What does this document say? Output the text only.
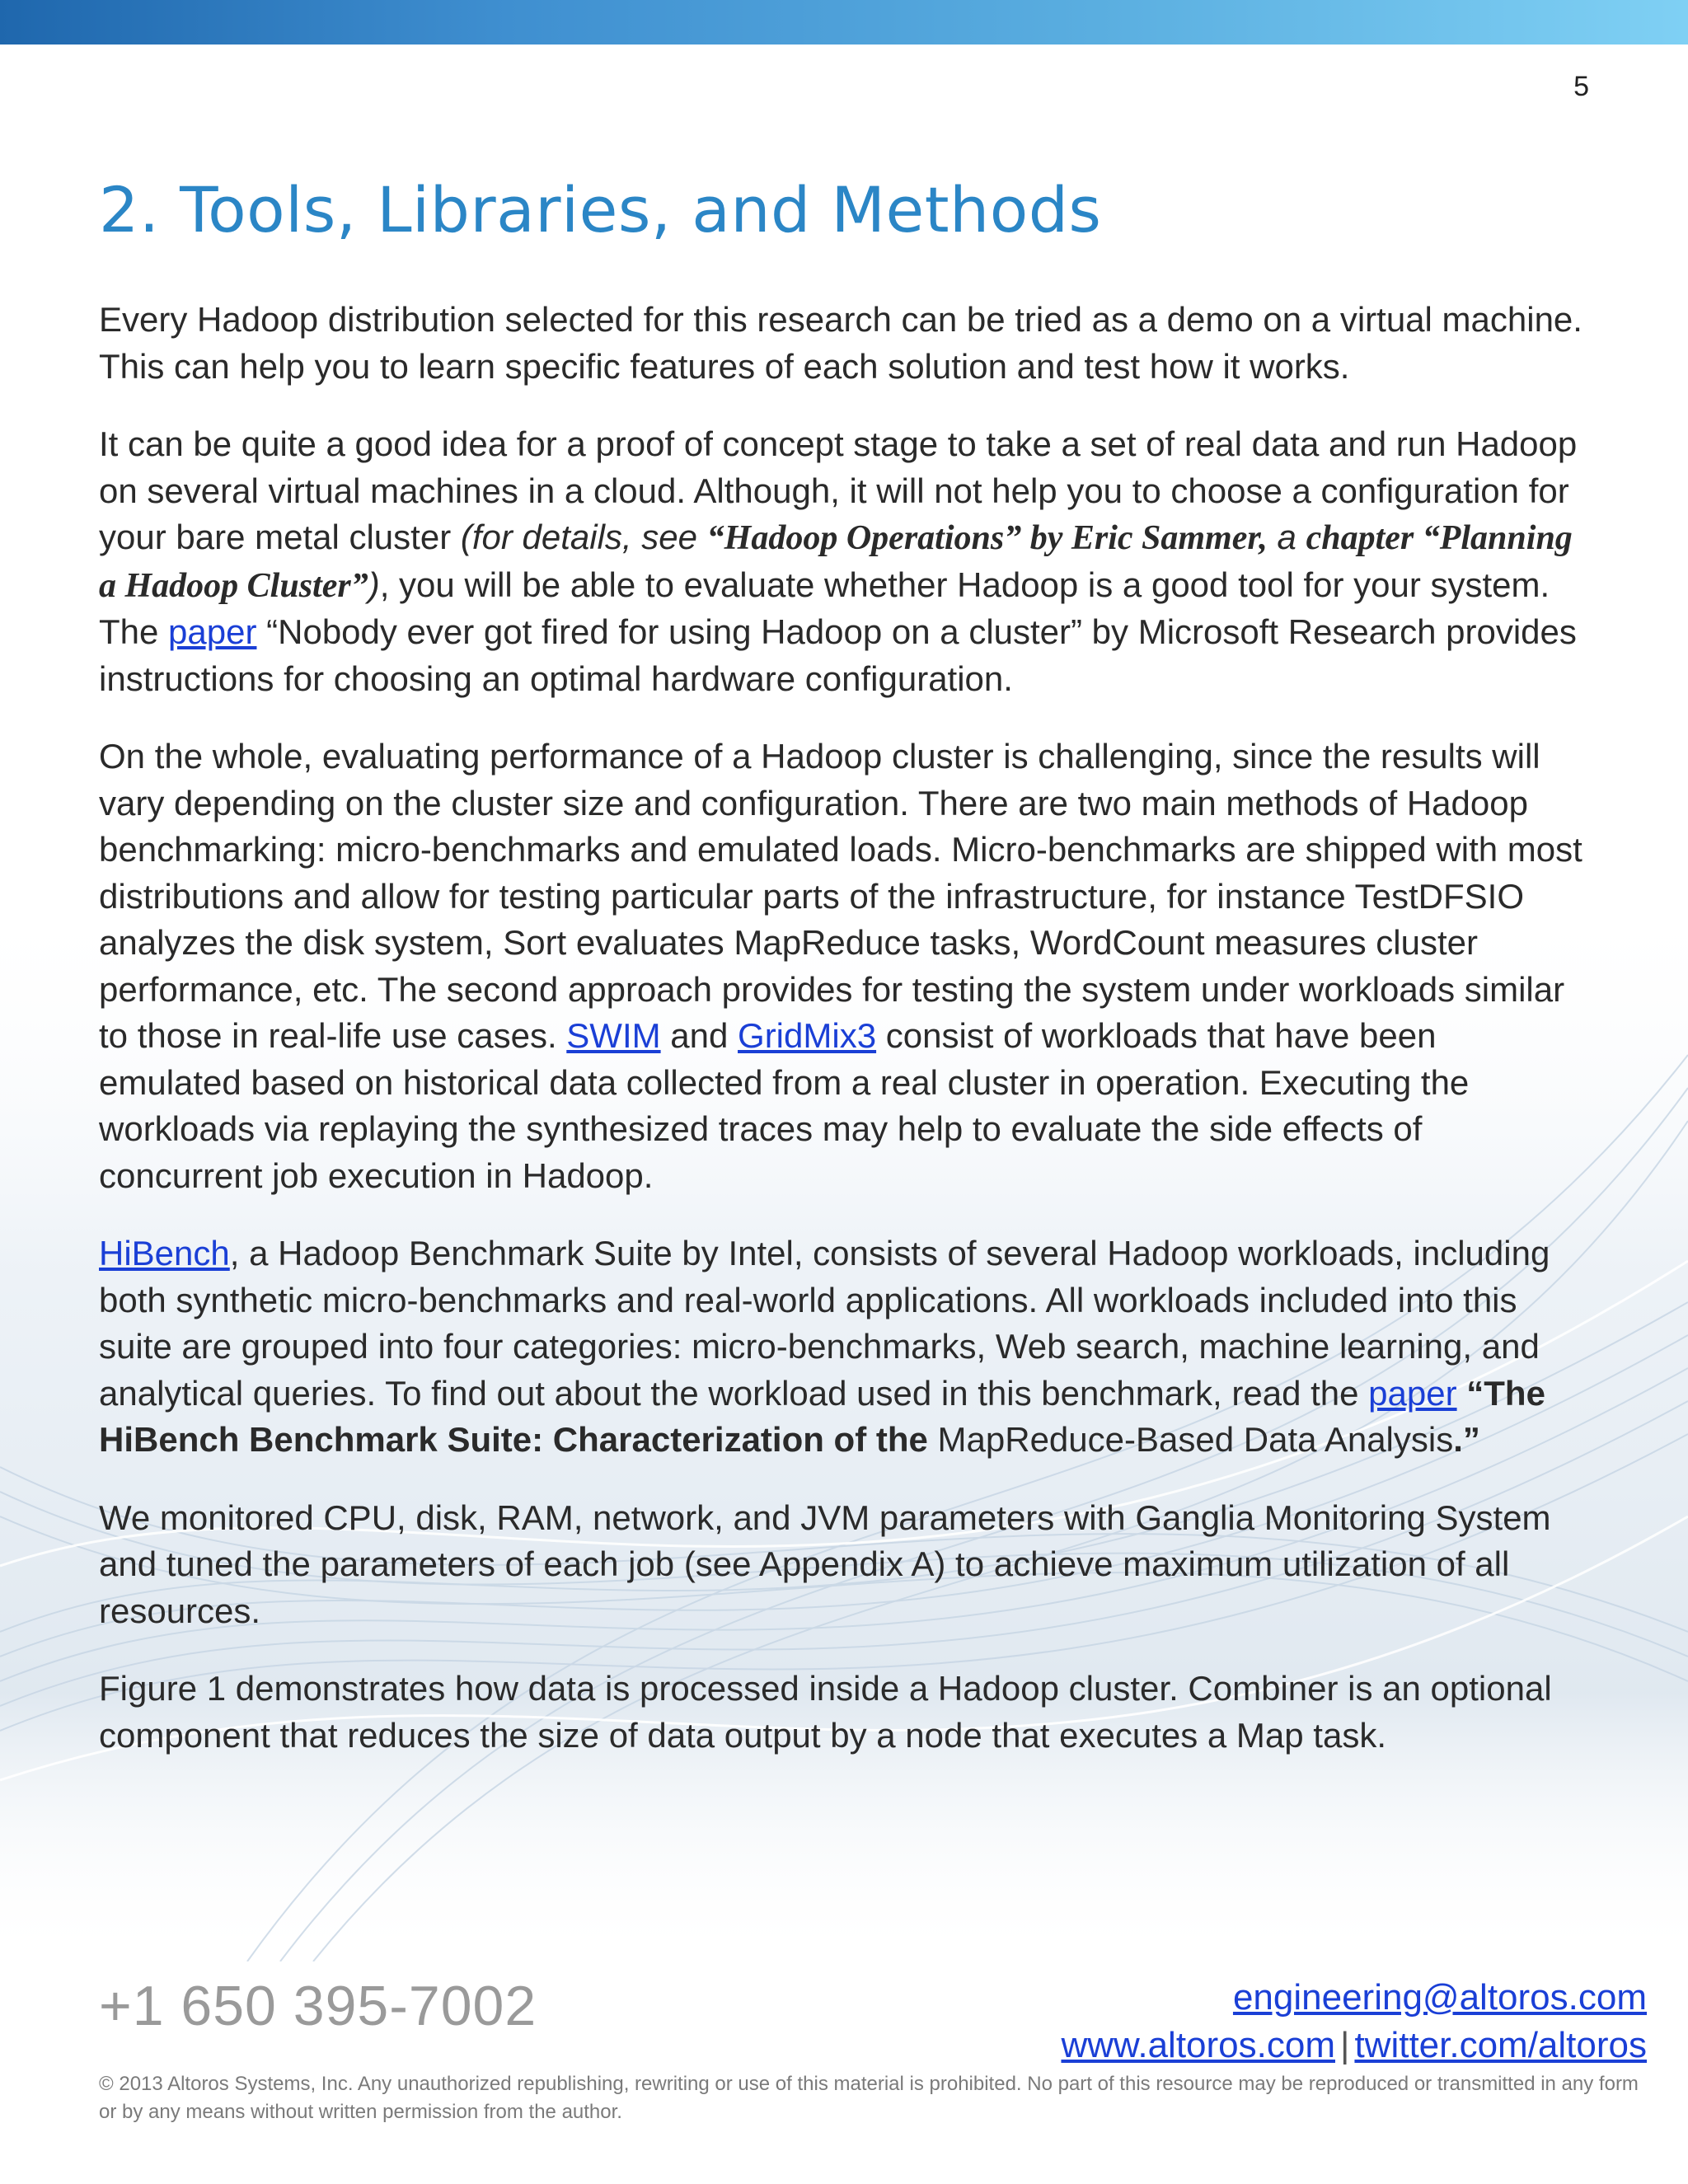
5
2. Tools, Libraries, and Methods

Every Hadoop distribution selected for this research can be tried as a demo on a virtual machine. This can help you to learn specific features of each solution and test how it works.

It can be quite a good idea for a proof of concept stage to take a set of real data and run Hadoop on several virtual machines in a cloud. Although, it will not help you to choose a configuration for your bare metal cluster (for details, see “Hadoop Operations” by Eric Sammer, a chapter “Planning a Hadoop Cluster”), you will be able to evaluate whether Hadoop is a good tool for your system. The paper “Nobody ever got fired for using Hadoop on a cluster” by Microsoft Research provides instructions for choosing an optimal hardware configuration.

On the whole, evaluating performance of a Hadoop cluster is challenging, since the results will vary depending on the cluster size and configuration. There are two main methods of Hadoop benchmarking: micro-benchmarks and emulated loads. Micro-benchmarks are shipped with most distributions and allow for testing particular parts of the infrastructure, for instance TestDFSIO analyzes the disk system, Sort evaluates MapReduce tasks, WordCount measures cluster performance, etc. The second approach provides for testing the system under workloads similar to those in real-life use cases. SWIM and GridMix3 consist of workloads that have been emulated based on historical data collected from a real cluster in operation. Executing the workloads via replaying the synthesized traces may help to evaluate the side effects of concurrent job execution in Hadoop.

HiBench, a Hadoop Benchmark Suite by Intel, consists of several Hadoop workloads, including both synthetic micro-benchmarks and real-world applications. All workloads included into this suite are grouped into four categories: micro-benchmarks, Web search, machine learning, and analytical queries. To find out about the workload used in this benchmark, read the paper “The HiBench Benchmark Suite: Characterization of the MapReduce-Based Data Analysis.”

We monitored CPU, disk, RAM, network, and JVM parameters with Ganglia Monitoring System and tuned the parameters of each job (see Appendix A) to achieve maximum utilization of all resources.

Figure 1 demonstrates how data is processed inside a Hadoop cluster. Combiner is an optional component that reduces the size of data output by a node that executes a Map task.

+1 650 395-7002	engineering@altoros.com
www.altoros.com | twitter.com/altoros
© 2013 Altoros Systems, Inc. Any unauthorized republishing, rewriting or use of this material is prohibited. No part of this resource may be reproduced or transmitted in any form or by any means without written permission from the author.
